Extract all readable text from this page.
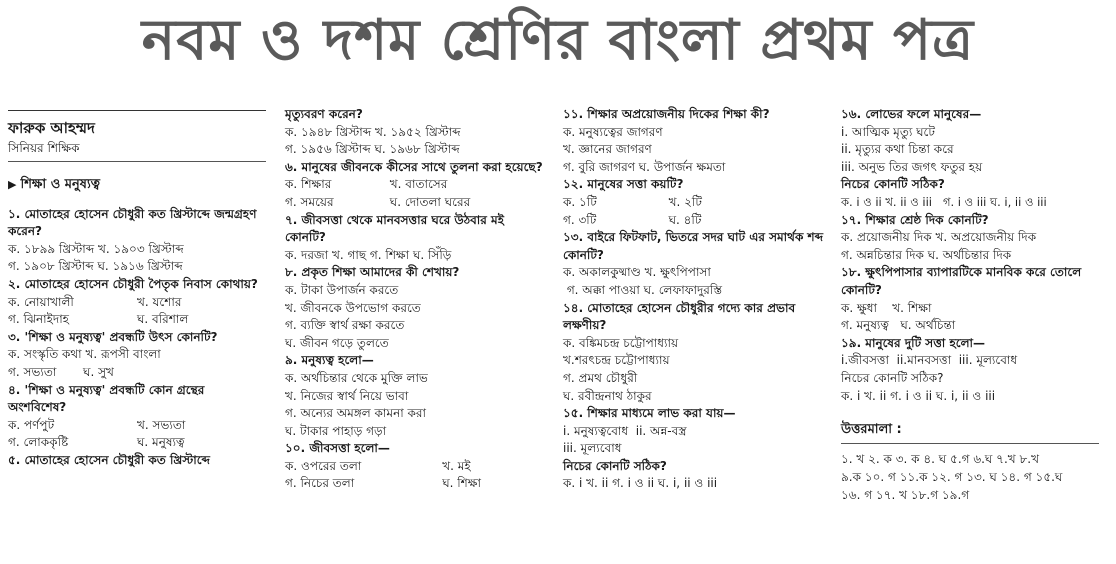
নবম ও দশম শ্রেণির বাংলা প্রথম পত্র
ফারুক আহম্মদ
সিনিয়র শিক্ষিক
▶ শিক্ষা ও মনুষ্যত্ব
১. মোতাহের হোসেন চৌধুরী কত খ্রিস্টাব্দে জন্মগ্রহণ করেন?
ক. ১৮৯৯ খ্রিস্টাব্দ খ. ১৯০৩ খ্রিস্টাব্দ
গ. ১৯০৮ খ্রিস্টাব্দ ঘ. ১৯১৬ খ্রিস্টাব্দ
২. মোতাহের হোসেন চৌধুরী পৈতৃক নিবাস কোথায়?
ক. নোয়াখালী	খ. যশোর
গ. ঝিনাইদাহ	ঘ. বরিশাল
৩. 'শিক্ষা ও মনুষ্যত্ব' প্রবন্ধটি উৎস কোনটি?
ক. সংস্কৃতি কথা খ. রূপসী বাংলা
গ. সভ্যতা       ঘ. সুখ
৪. 'শিক্ষা ও মনুষ্যত্ব' প্রবন্ধটি কোন গ্রন্থের অংশবিশেষ?
ক. পর্ণপুট	খ. সভ্যতা
গ. লোককৃষ্টি	ঘ. মনুষ্যত্ব
৫. মোতাহের হোসেন চৌধুরী কত খ্রিস্টাব্দে
মৃত্যুবরণ করেন?
ক. ১৯৪৮ খ্রিস্টাব্দ খ. ১৯৫২ খ্রিস্টাব্দ
গ. ১৯৫৬ খ্রিস্টাব্দ ঘ. ১৯৬৮ খ্রিস্টাব্দ
৬. মানুষের জীবনকে কীসের সাথে তুলনা করা হয়েছে?
ক. শিক্ষার	খ. বাতাসের
গ. সময়ের	ঘ. দোতলা ঘরের
৭. জীবসত্তা থেকে মানবসত্তার ঘরে উঠবার মই কোনটি?
ক. দরজা খ. গাছ গ. শিক্ষা ঘ. সিঁড়ি
৮. প্রকৃত শিক্ষা আমাদের কী শেখায়?
ক. টাকা উপার্জন করতে
খ. জীবনকে উপভোগ করতে
গ. ব্যক্তি স্বার্থ রক্ষা করতে
ঘ. জীবন গড়ে তুলতে
৯. মনুষ্যত্ব হলো—
ক. অর্থচিন্তার থেকে মুক্তি লাভ
খ. নিজের স্বার্থ নিয়ে ভাবা
গ. অন্যের অমঙ্গল কামনা করা
ঘ. টাকার পাহাড় গড়া
১০. জীবসত্তা হলো—
ক. ওপরের তলা	খ. মই
গ. নিচের তলা	ঘ. শিক্ষা
১১. শিক্ষার অপ্রয়োজনীয় দিকের শিক্ষা কী?
ক. মনুষ্যত্বের জাগরণ
খ. জ্ঞানের জাগরণ
গ. বুরি জাগরণ ঘ. উপার্জন ক্ষমতা
১২. মানুষের সত্তা কয়টি?
ক. ১টি	খ. ২টি
গ. ৩টি	ঘ. ৪টি
১৩. বাইরে ফিটফাট, ভিতরে সদর ঘাট এর সমার্থক শব্দ কোনটি?
ক. অকালকুষ্মাণ্ড খ. ক্ষুৎপিপাসা
গ. অক্কা পাওয়া ঘ. লেফাফাদুরস্তি
১৪. মোতাহের হোসেন চৌধুরীর গদ্যে কার প্রভাব লক্ষণীয়?
ক. বঙ্কিমচন্দ্র চট্টোপাধ্যায়
খ.শরৎচন্দ্র চট্টোপাধ্যায়
গ. প্রমথ চৌধুরী
ঘ. রবীন্দ্রনাথ ঠাকুর
১৫. শিক্ষার মাধ্যমে লাভ করা যায়—
i. মনুষ্যত্ববোধ  ii. অন্ন-বস্ত্র
iii. মূল্যবোধ
নিচের কোনটি সঠিক?
ক. i খ. ii গ. i ও ii ঘ. i, ii ও iii
১৬. লোভের ফলে মানুষের—
i. আত্মিক মৃত্যু ঘটে
ii. মৃত্যুর কথা চিন্তা করে
iii. অনুভ তির জগৎ ফতুর হয়
নিচের কোনটি সঠিক?
ক. i ও ii খ. ii ও iii   গ. i ও iii ঘ. i, ii ও iii
১৭. শিক্ষার শ্রেষ্ঠ দিক কোনটি?
ক. প্রয়োজনীয় দিক খ. অপ্রয়োজনীয় দিক
গ. অন্নচিন্তার দিক ঘ. অর্থচিন্তার দিক
১৮. ক্ষুৎপিপাসার ব্যাপারটিকে মানবিক করে তোলে কোনটি?
ক. ক্ষুধা    খ. শিক্ষা
গ. মনুষ্যত্ব   ঘ. অর্থচিন্তা
১৯. মানুষের দুটি সত্তা হলো—
i.জীবসত্তা  ii.মানবসত্তা  iii. মূল্যবোধ
নিচের কোনটি সঠিক?
ক. i খ. ii গ. i ও ii ঘ. i, ii ও iii
উত্তরমালা :
১. খ ২. ক ৩. ক ৪. ঘ ৫.গ ৬.ঘ ৭.খ ৮.খ
৯.ক ১০. গ ১১.ক ১২. গ ১৩. ঘ ১৪. গ ১৫.ঘ
১৬. গ ১৭. খ ১৮.গ ১৯.গ
